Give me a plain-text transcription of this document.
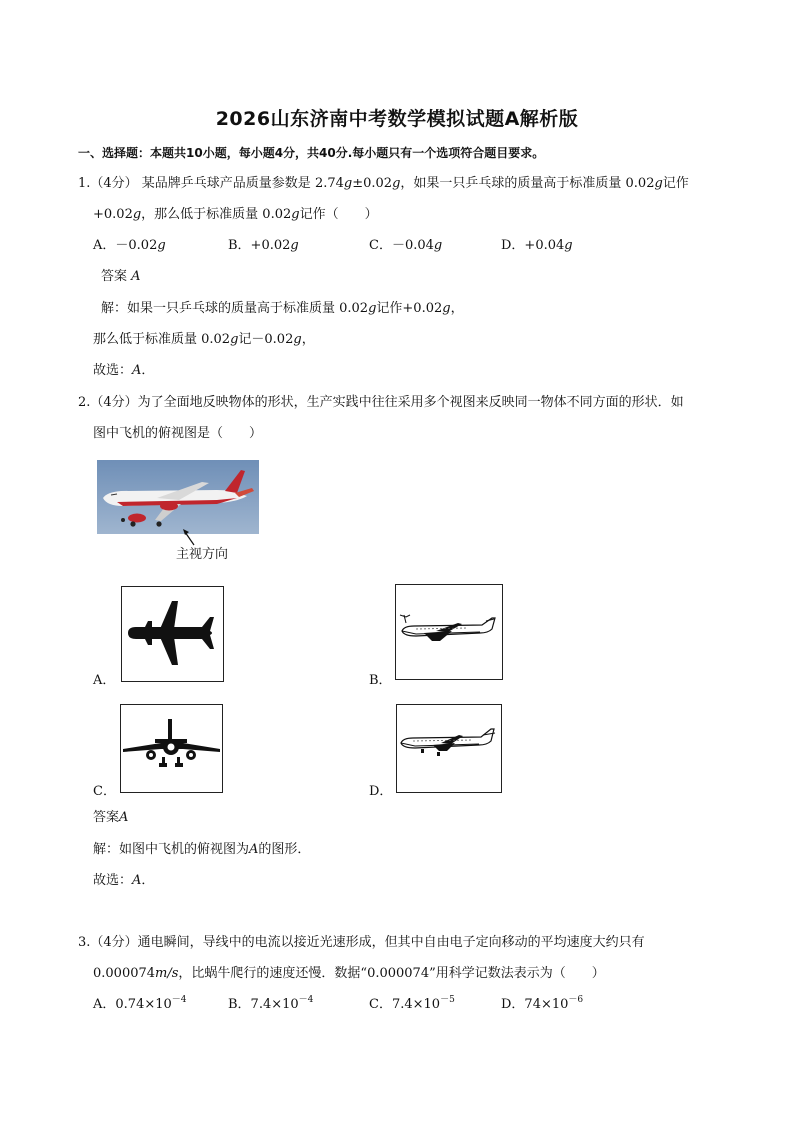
2026山东济南中考数学模拟试题A解析版
一、选择题：本题共10小题，每小题4分，共40分.每小题只有一个选项符合题目要求。
1.（4分） 某品牌乒乓球产品质量参数是 2.74g±0.02g，如果一只乒乓球的质量高于标准质量 0.02g记作
+0.02g，那么低于标准质量 0.02g记作（　　）
A．－0.02g	B．+0.02g	C．－0.04g	D．+0.04g
答案 A
解：如果一只乒乓球的质量高于标准质量 0.02g记作+0.02g，
那么低于标准质量 0.02g记－0.02g，
故选：A．
2.（4分）为了全面地反映物体的形状，生产实践中往往采用多个视图来反映同一物体不同方面的形状．如
图中飞机的俯视图是（　　）
主视方向
A．	B．
C．	D．
答案A
解：如图中飞机的俯视图为A的图形．
故选：A．
3.（4分）通电瞬间，导线中的电流以接近光速形成，但其中自由电子定向移动的平均速度大约只有
0.000074m/s，比蜗牛爬行的速度还慢．数据“0.000074”用科学记数法表示为（　　）
A．$0.74\times 10^{-4}$	B．$7.4\times 10^{-4}$	C．$7.4\times 10^{-5}$	D．$74\times 10^{-6}$
